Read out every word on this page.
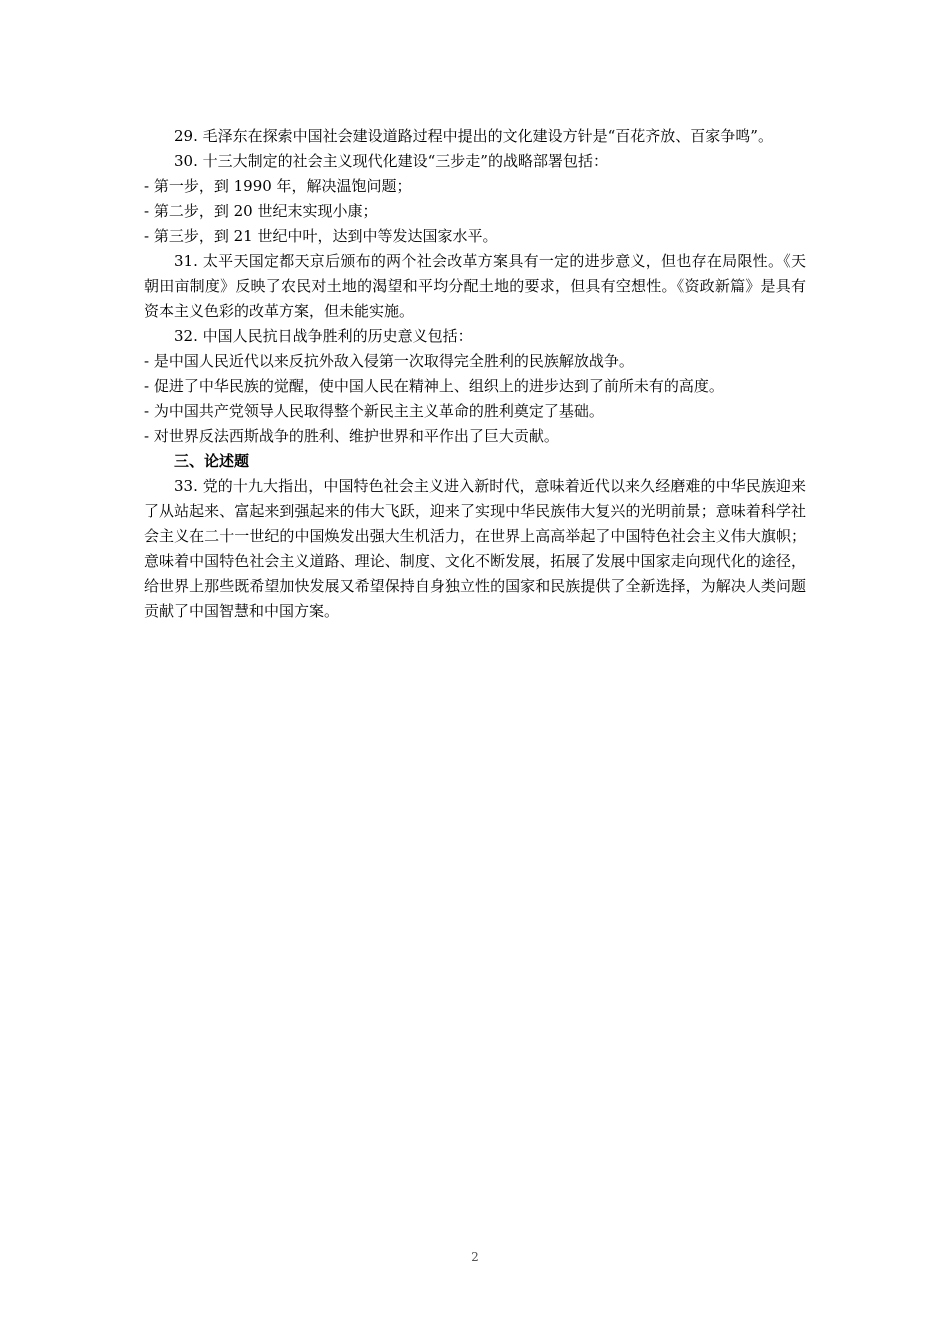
29. 毛泽东在探索中国社会建设道路过程中提出的文化建设方针是“百花齐放、百家争鸣”。

30. 十三大制定的社会主义现代化建设“三步走”的战略部署包括：

- 第一步，到 1990 年，解决温饱问题；

- 第二步，到 20 世纪末实现小康；

- 第三步，到 21 世纪中叶，达到中等发达国家水平。

31. 太平天国定都天京后颁布的两个社会改革方案具有一定的进步意义，但也存在局限性。《天朝田亩制度》反映了农民对土地的渴望和平均分配土地的要求，但具有空想性。《资政新篇》是具有资本主义色彩的改革方案，但未能实施。

32. 中国人民抗日战争胜利的历史意义包括：

- 是中国人民近代以来反抗外敌入侵第一次取得完全胜利的民族解放战争。

- 促进了中华民族的觉醒，使中国人民在精神上、组织上的进步达到了前所未有的高度。

- 为中国共产党领导人民取得整个新民主主义革命的胜利奠定了基础。

- 对世界反法西斯战争的胜利、维护世界和平作出了巨大贡献。

三、论述题

33. 党的十九大指出，中国特色社会主义进入新时代，意味着近代以来久经磨难的中华民族迎来了从站起来、富起来到强起来的伟大飞跃，迎来了实现中华民族伟大复兴的光明前景；意味着科学社会主义在二十一世纪的中国焕发出强大生机活力，在世界上高高举起了中国特色社会主义伟大旗帜；意味着中国特色社会主义道路、理论、制度、文化不断发展，拓展了发展中国家走向现代化的途径，给世界上那些既希望加快发展又希望保持自身独立性的国家和民族提供了全新选择，为解决人类问题贡献了中国智慧和中国方案。

2
